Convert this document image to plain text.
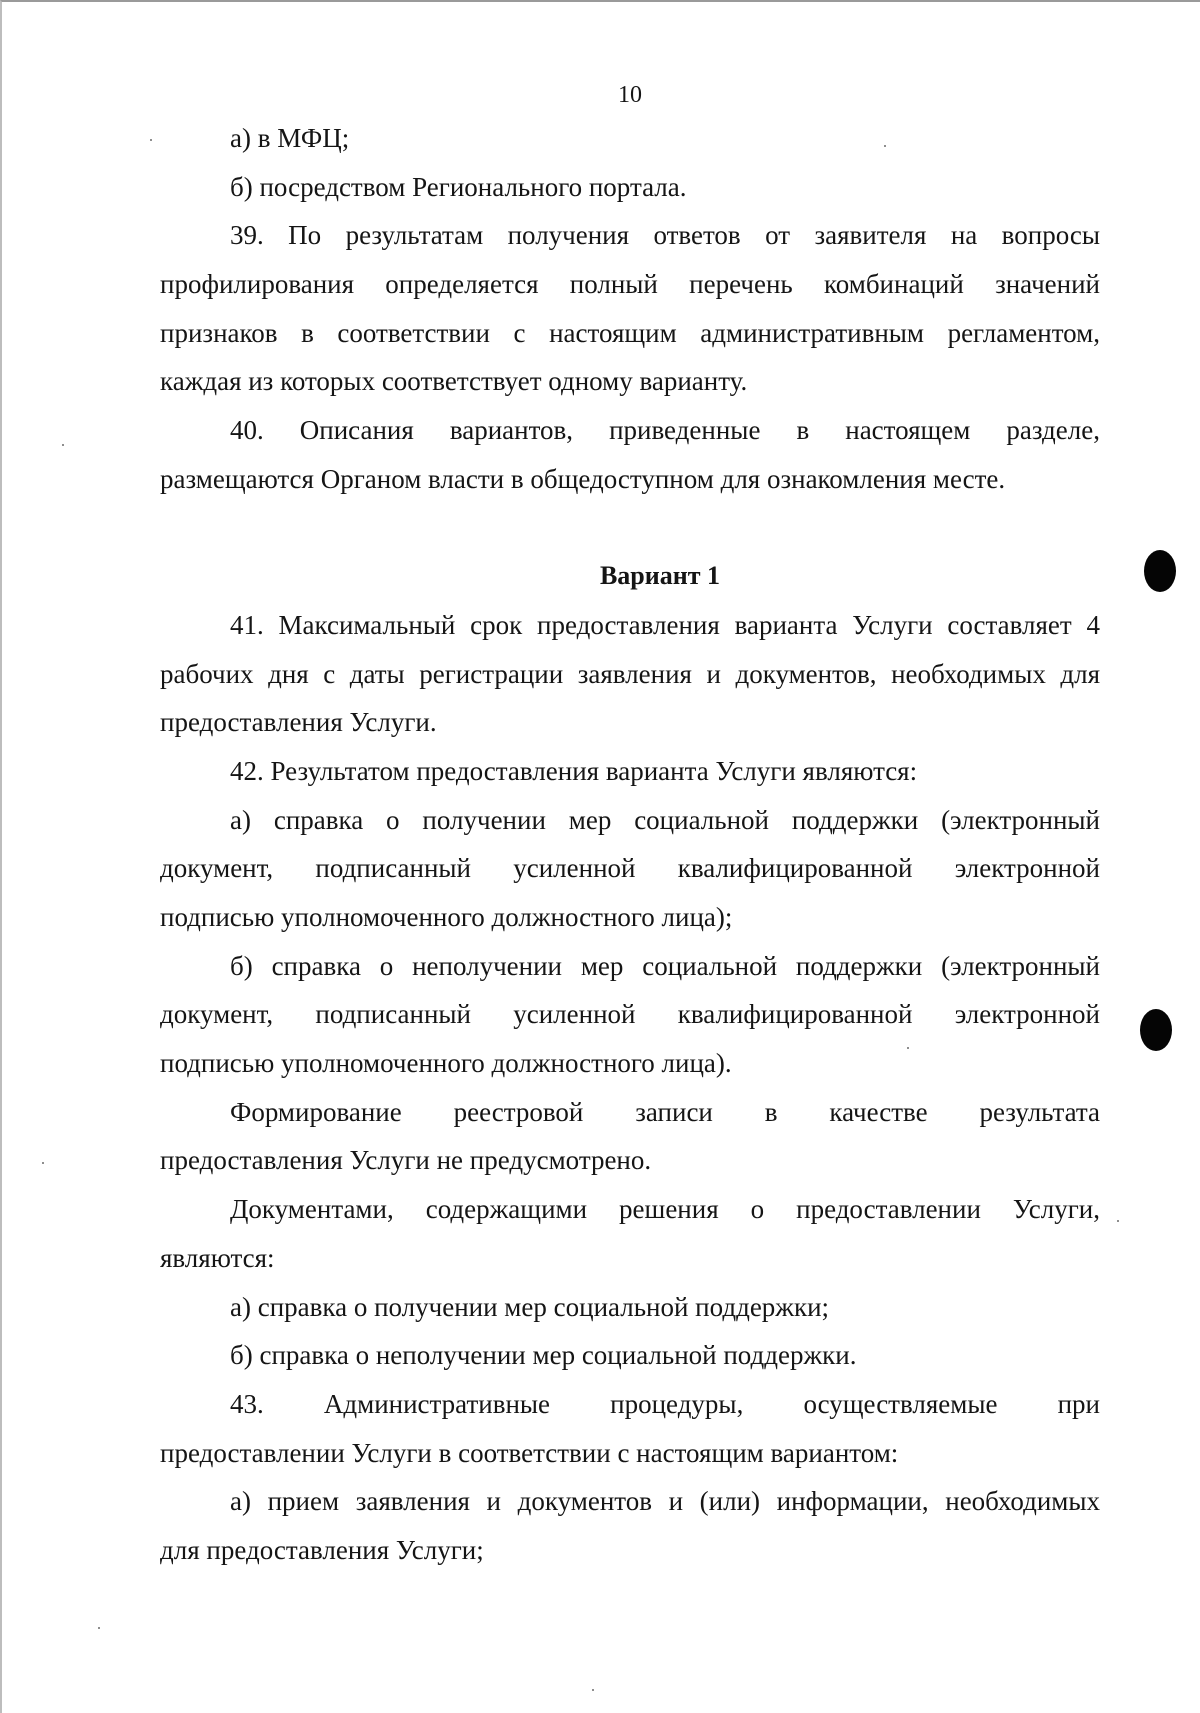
10
а) в МФЦ;
б) посредством Регионального портала.
39. По результатам получения ответов от заявителя на вопросы
профилирования определяется полный перечень комбинаций значений
признаков в соответствии с настоящим административным регламентом,
каждая из которых соответствует одному варианту.
40. Описания вариантов, приведенные в настоящем разделе,
размещаются Органом власти в общедоступном для ознакомления месте.
Вариант 1
41. Максимальный срок предоставления варианта Услуги составляет 4
рабочих дня с даты регистрации заявления и документов, необходимых для
предоставления Услуги.
42. Результатом предоставления варианта Услуги являются:
а) справка о получении мер социальной поддержки (электронный
документ, подписанный усиленной квалифицированной электронной
подписью уполномоченного должностного лица);
б) справка о неполучении мер социальной поддержки (электронный
документ, подписанный усиленной квалифицированной электронной
подписью уполномоченного должностного лица).
Формирование реестровой записи в качестве результата
предоставления Услуги не предусмотрено.
Документами, содержащими решения о предоставлении Услуги,
являются:
а) справка о получении мер социальной поддержки;
б) справка о неполучении мер социальной поддержки.
43. Административные процедуры, осуществляемые при
предоставлении Услуги в соответствии с настоящим вариантом:
а) прием заявления и документов и (или) информации, необходимых
для предоставления Услуги;
